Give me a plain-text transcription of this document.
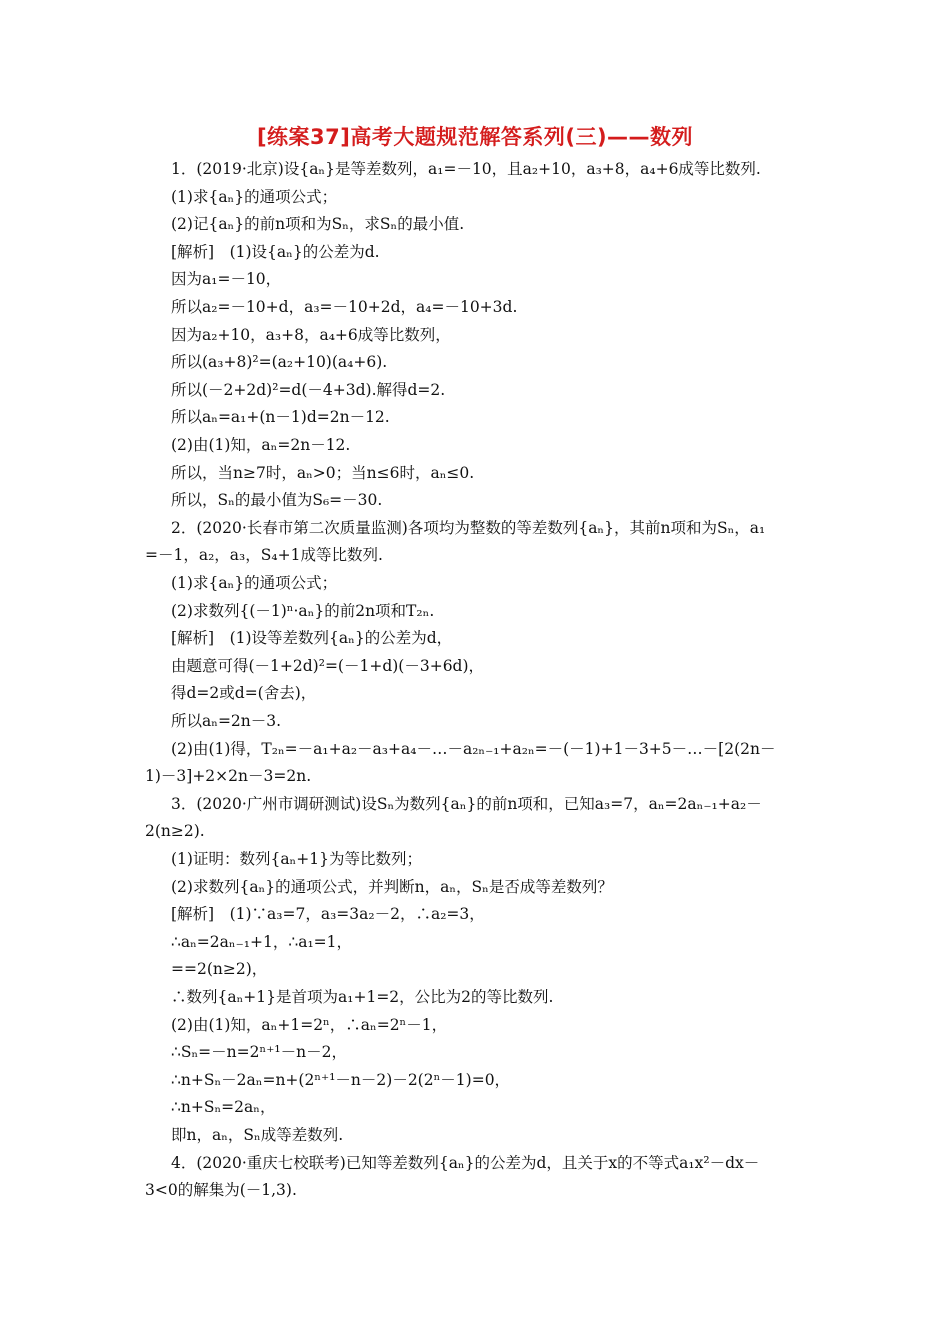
[练案37]高考大题规范解答系列(三)——数列
1．(2019·北京)设{aₙ}是等差数列，a₁=－10，且a₂+10，a₃+8，a₄+6成等比数列.
(1)求{aₙ}的通项公式；
(2)记{aₙ}的前n项和为Sₙ，求Sₙ的最小值.
[解析]　(1)设{aₙ}的公差为d.
因为a₁=－10，
所以a₂=－10+d，a₃=－10+2d，a₄=－10+3d.
因为a₂+10，a₃+8，a₄+6成等比数列，
所以(a₃+8)²=(a₂+10)(a₄+6).
所以(－2+2d)²=d(－4+3d).解得d=2.
所以aₙ=a₁+(n－1)d=2n－12.
(2)由(1)知，aₙ=2n－12.
所以，当n≥7时，aₙ>0；当n≤6时，aₙ≤0.
所以，Sₙ的最小值为S₆=－30.
2．(2020·长春市第二次质量监测)各项均为整数的等差数列{aₙ}，其前n项和为Sₙ，a₁
=－1，a₂，a₃，S₄+1成等比数列.
(1)求{aₙ}的通项公式；
(2)求数列{(－1)ⁿ·aₙ}的前2n项和T₂ₙ.
[解析]　(1)设等差数列{aₙ}的公差为d，
由题意可得(－1+2d)²=(－1+d)(－3+6d)，
得d=2或d=(舍去)，
所以aₙ=2n－3.
(2)由(1)得，T₂ₙ=－a₁+a₂－a₃+a₄－…－a₂ₙ₋₁+a₂ₙ=－(－1)+1－3+5－…－[2(2n－
1)－3]+2×2n－3=2n.
3．(2020·广州市调研测试)设Sₙ为数列{aₙ}的前n项和，已知a₃=7，aₙ=2aₙ₋₁+a₂－
2(n≥2).
(1)证明：数列{aₙ+1}为等比数列；
(2)求数列{aₙ}的通项公式，并判断n，aₙ，Sₙ是否成等差数列？
[解析]　(1)∵a₃=7，a₃=3a₂－2，∴a₂=3，
∴aₙ=2aₙ₋₁+1，∴a₁=1，
==2(n≥2)，
∴数列{aₙ+1}是首项为a₁+1=2，公比为2的等比数列.
(2)由(1)知，aₙ+1=2ⁿ，∴aₙ=2ⁿ－1，
∴Sₙ=－n=2ⁿ⁺¹－n－2，
∴n+Sₙ－2aₙ=n+(2ⁿ⁺¹－n－2)－2(2ⁿ－1)=0，
∴n+Sₙ=2aₙ，
即n，aₙ，Sₙ成等差数列.
4．(2020·重庆七校联考)已知等差数列{aₙ}的公差为d，且关于x的不等式a₁x²－dx－
3<0的解集为(－1,3).
